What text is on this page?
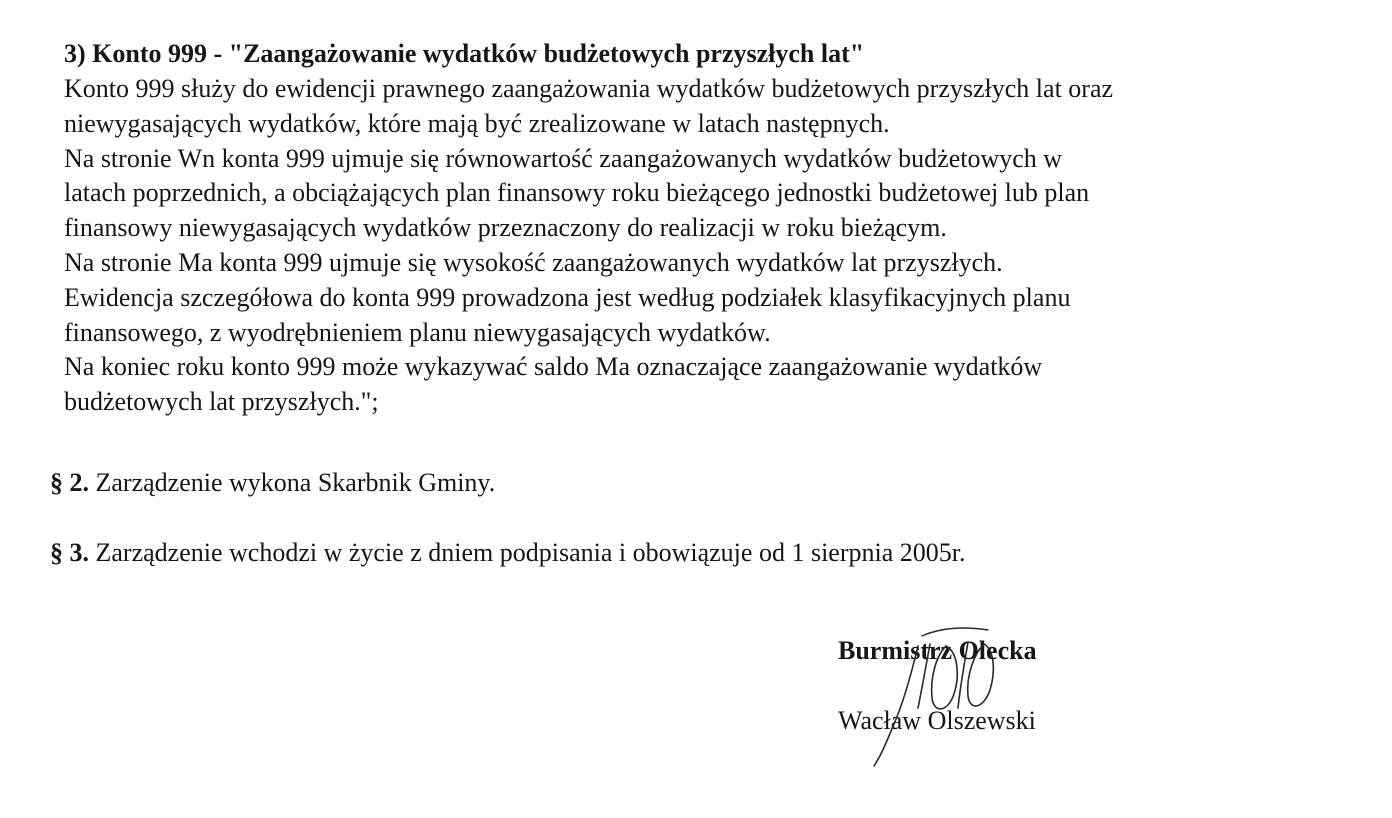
3) Konto 999 - "Zaangażowanie wydatków budżetowych przyszłych lat"
Konto 999 służy do ewidencji prawnego zaangażowania wydatków budżetowych przyszłych lat oraz
niewygasających wydatków, które mają być zrealizowane w latach następnych.
Na stronie Wn konta 999 ujmuje się równowartość zaangażowanych wydatków budżetowych w
latach poprzednich, a obciążających plan finansowy roku bieżącego jednostki budżetowej lub plan
finansowy niewygasających wydatków przeznaczony do realizacji w roku bieżącym.
Na stronie Ma konta 999 ujmuje się wysokość zaangażowanych wydatków lat przyszłych.
Ewidencja szczegółowa do konta 999 prowadzona jest według podziałek klasyfikacyjnych planu
finansowego, z wyodrębnieniem planu niewygasających wydatków.
Na koniec roku konto 999 może wykazywać saldo Ma oznaczające zaangażowanie wydatków
budżetowych lat przyszłych.";
§ 2. Zarządzenie wykona Skarbnik Gminy.
§ 3. Zarządzenie wchodzi w życie z dniem podpisania i obowiązuje od 1 sierpnia 2005r.
Burmistrz Olecka
Wacław Olszewski
